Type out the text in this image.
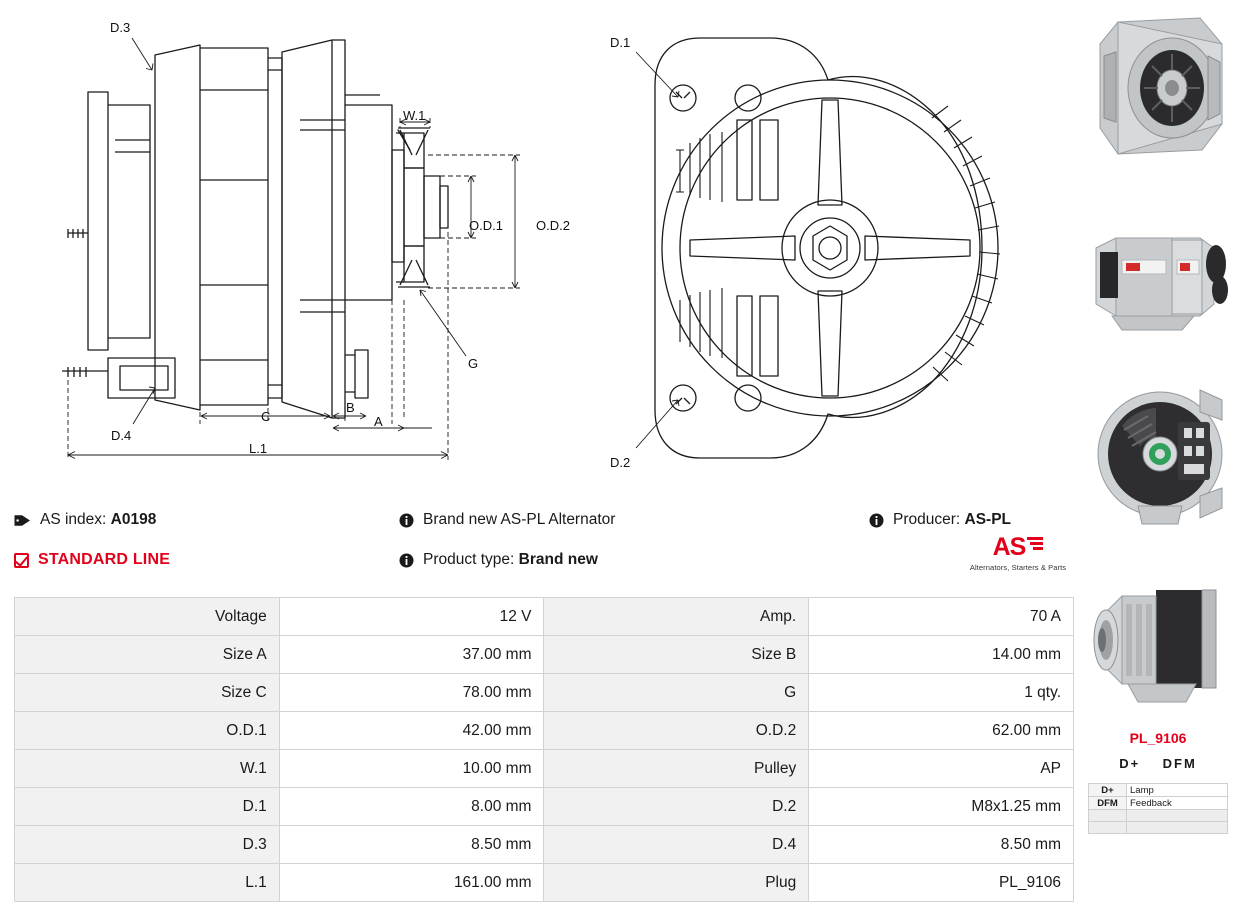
D.3
D.4
W.1
O.D.1	O.D.2
G
C
B
A
L.1
D.1
D.2
AS index:
A0198	Brand new AS-PL Alternator	Producer:
AS-PL
STANDARD LINE	Product type:
Brand new	AS
Alternators, Starters & Parts
Voltage	12 V	Amp.	70 A
Size A	37.00 mm	Size B	14.00 mm
Size C	78.00 mm	G	1 qty.
O.D.1	42.00 mm	O.D.2	62.00 mm
W.1	10.00 mm	Pulley	AP
D.1	8.00 mm	D.2	M8x1.25 mm
D.3	8.50 mm	D.4	8.50 mm
L.1	161.00 mm	Plug	PL_9106
PL_9106
D+ DFM
D+	Lamp
DFM	Feedback
